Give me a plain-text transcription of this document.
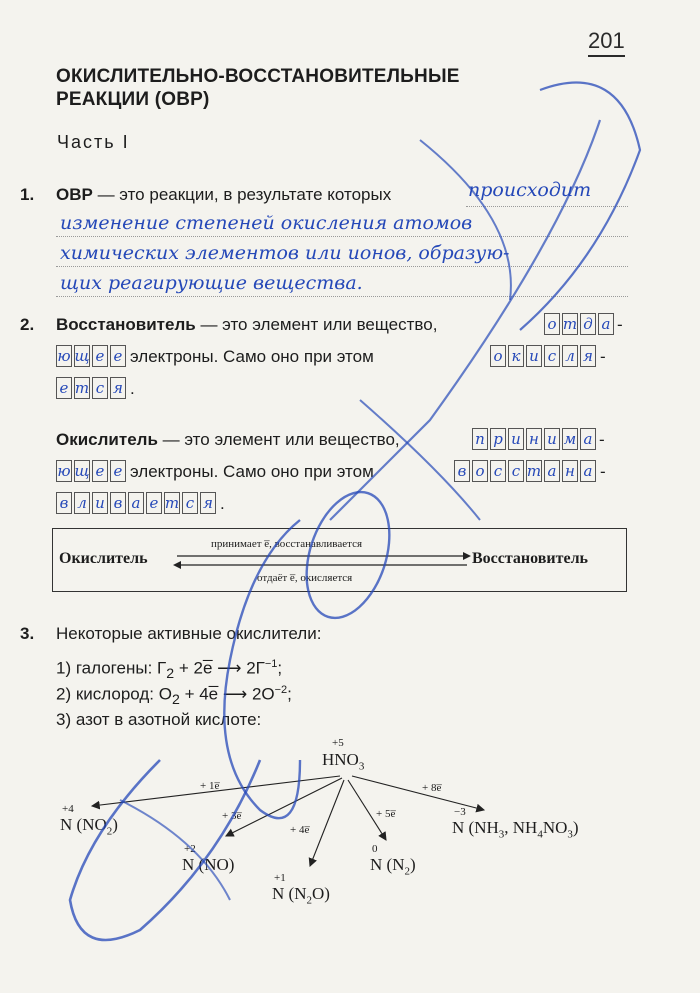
201
ОКИСЛИТЕЛЬНО-ВОССТАНОВИТЕЛЬНЫЕ
РЕАКЦИИ (ОВР)
Часть I
1. ОВР — это реакции, в результате которых	происходит
изменение степеней окисления атомов
химических элементов или ионов, образую-
щих реагирующие вещества.
2. Восстановитель — это элемент или вещество,	о т д а -
ю щ е е электроны. Само оно при этом	о к и с л я -
е т с я .
Окислитель — это элемент или вещество,	п р и н и м а -
ю щ е е электроны. Само оно при этом	в о с с т а н а -
в л и в а е т с я .
Окислитель	Восстановитель
принимает e̅, восстанавливается
отдаёт e̅, окисляется
3. Некоторые активные окислители:
1) галогены: $Г_2$ + 2e̅ ⟶ $2Г^{-1}$;
2) кислород: $O_2$ + 4e̅ ⟶ $2O^{-2}$;
3) азот в азотной кислоте:
+5
$HNO_3$
+ 1e̅
+ 3e̅
+ 4e̅
+ 5e̅
+ 8e̅
+4
N $(NO_2)$
+2
N (NO)
+1
N $(N_2O)$
0
N $(N_2)$
−3
N ($NH_3$, $NH_4NO_3$)
